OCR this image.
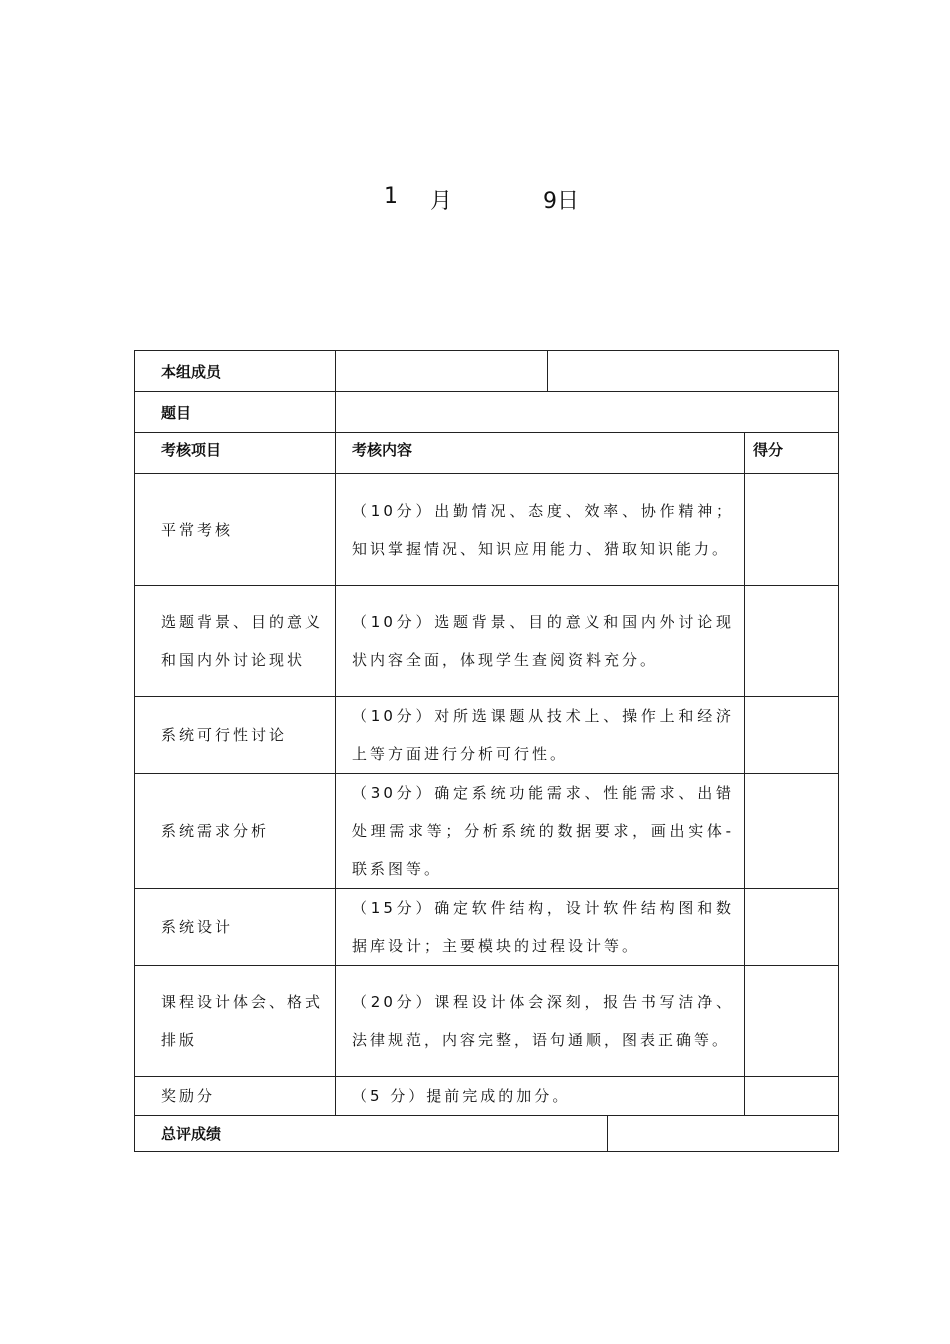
1 月	9日
本组成员				
题目				
考核项目	考核内容			得分
平常考核	（10分）出勤情况、态度、效率、协作精神；知识掌握情况、知识应用能力、猎取知识能力。			
选题背景、目的意义和国内外讨论现状	（10分）选题背景、目的意义和国内外讨论现状内容全面，体现学生查阅资料充分。			
系统可行性讨论	（10分）对所选课题从技术上、操作上和经济上等方面进行分析可行性。			
系统需求分析	（30分）确定系统功能需求、性能需求、出错处理需求等；分析系统的数据要求，画出实体- 联系图等。			
系统设计	（15分）确定软件结构，设计软件结构图和数据库设计；主要模块的过程设计等。			
课程设计体会、格式排版	（20分）课程设计体会深刻，报告书写洁净、法律规范，内容完整，语句通顺，图表正确等。			
奖励分	（5 分）提前完成的加分。			
总评成绩				
